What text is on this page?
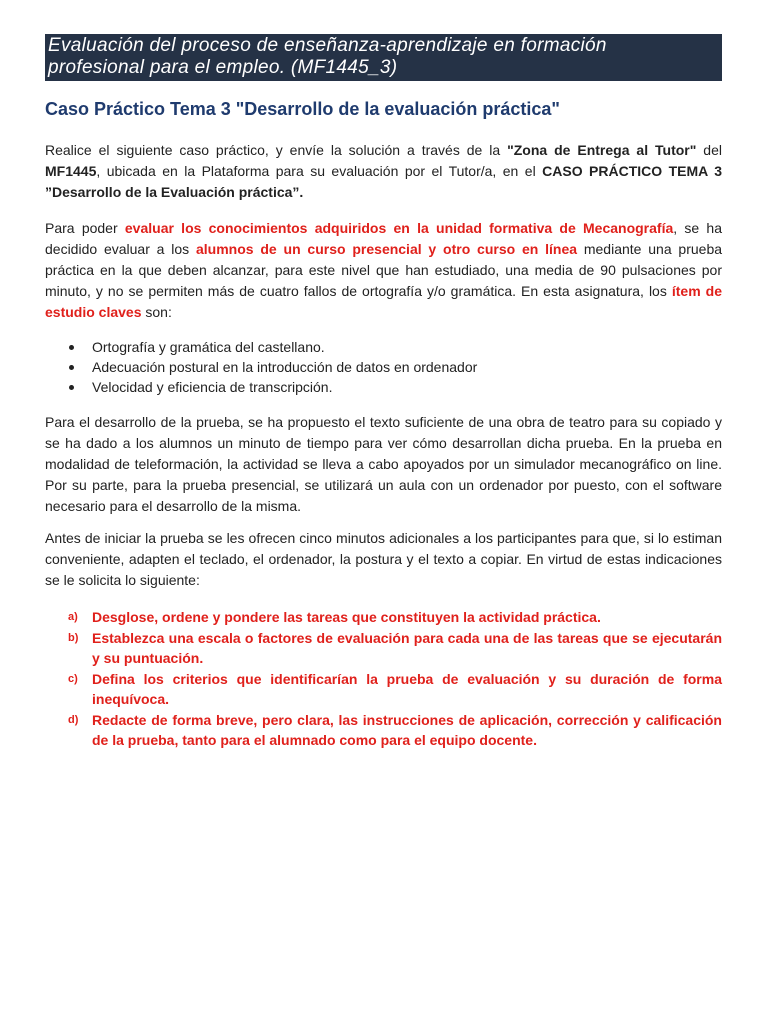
Evaluación del proceso de enseñanza-aprendizaje en formación
profesional para el empleo. (MF1445_3)
Caso Práctico Tema 3 "Desarrollo de la evaluación práctica"

Realice el siguiente caso práctico, y envíe la solución a través de la "Zona de Entrega al Tutor" del MF1445, ubicada en la Plataforma para su evaluación por el Tutor/a, en el CASO PRÁCTICO TEMA 3 ”Desarrollo de la Evaluación práctica”.

Para poder evaluar los conocimientos adquiridos en la unidad formativa de Mecanografía, se ha decidido evaluar a los alumnos de un curso presencial y otro curso en línea mediante una prueba práctica en la que deben alcanzar, para este nivel que han estudiado, una media de 90 pulsaciones por minuto, y no se permiten más de cuatro fallos de ortografía y/o gramática. En esta asignatura, los ítem de estudio claves son:

Ortografía y gramática del castellano.
Adecuación postural en la introducción de datos en ordenador
Velocidad y eficiencia de transcripción.

Para el desarrollo de la prueba, se ha propuesto el texto suficiente de una obra de teatro para su copiado y se ha dado a los alumnos un minuto de tiempo para ver cómo desarrollan dicha prueba. En la prueba en modalidad de teleformación, la actividad se lleva a cabo apoyados por un simulador mecanográfico on line. Por su parte, para la prueba presencial, se utilizará un aula con un ordenador por puesto, con el software necesario para el desarrollo de la misma.

Antes de iniciar la prueba se les ofrecen cinco minutos adicionales a los participantes para que, si lo estiman conveniente, adapten el teclado, el ordenador, la postura y el texto a copiar. En virtud de estas indicaciones se le solicita lo siguiente:

a) Desglose, ordene y pondere las tareas que constituyen la actividad práctica.
b) Establezca una escala o factores de evaluación para cada una de las tareas que se ejecutarán y su puntuación.
c) Defina los criterios que identificarían la prueba de evaluación y su duración de forma inequívoca.
d) Redacte de forma breve, pero clara, las instrucciones de aplicación, corrección y calificación de la prueba, tanto para el alumnado como para el equipo docente.
